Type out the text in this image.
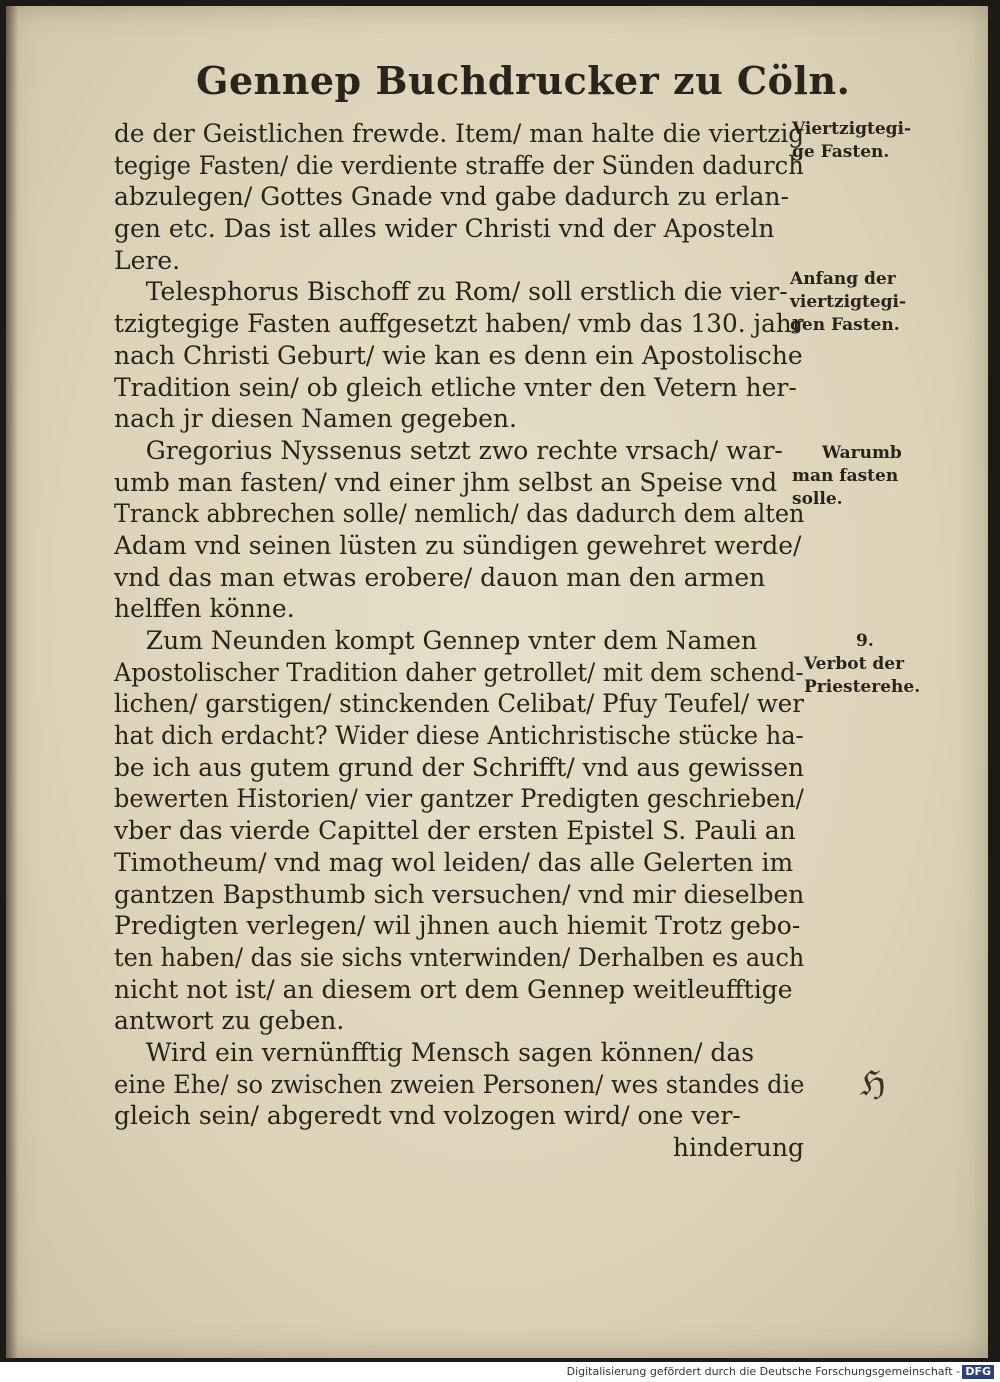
Gennep Buchdrucker zu Cöln.
de der Geistlichen frewde. Item/ man halte die viertzig
tegige Fasten/ die verdiente straffe der Sünden dadurch
abzulegen/ Gottes Gnade vnd gabe dadurch zu erlan-
gen etc. Das ist alles wider Christi vnd der Aposteln
Lere.
Telesphorus Bischoff zu Rom/ soll erstlich die vier-
tzigtegige Fasten auffgesetzt haben/ vmb das 130. jahr
nach Christi Geburt/ wie kan es denn ein Apostolische
Tradition sein/ ob gleich etliche vnter den Vetern her-
nach jr diesen Namen gegeben.
Gregorius Nyssenus setzt zwo rechte vrsach/ war-
umb man fasten/ vnd einer jhm selbst an Speise vnd
Tranck abbrechen solle/ nemlich/ das dadurch dem alten
Adam vnd seinen lüsten zu sündigen gewehret werde/
vnd das man etwas erobere/ dauon man den armen
helffen könne.
Zum Neunden kompt Gennep vnter dem Namen
Apostolischer Tradition daher getrollet/ mit dem schend-
lichen/ garstigen/ stinckenden Celibat/ Pfuy Teufel/ wer
hat dich erdacht? Wider diese Antichristische stücke ha-
be ich aus gutem grund der Schrifft/ vnd aus gewissen
bewerten Historien/ vier gantzer Predigten geschrieben/
vber das vierde Capittel der ersten Epistel S. Pauli an
Timotheum/ vnd mag wol leiden/ das alle Gelerten im
gantzen Bapsthumb sich versuchen/ vnd mir dieselben
Predigten verlegen/ wil jhnen auch hiemit Trotz gebo-
ten haben/ das sie sichs vnterwinden/ Derhalben es auch
nicht not ist/ an diesem ort dem Gennep weitleufftige
antwort zu geben.
Wird ein vernünfftig Mensch sagen können/ das
eine Ehe/ so zwischen zweien Personen/ wes standes die
gleich sein/ abgeredt vnd volzogen wird/ one ver-
hinderung
Viertzigtegi-
ge Fasten.
Anfang der
viertzigtegi-
gen Fasten.
Warumb
man fasten
solle.
9.
Verbot der
Priesterehe.
ℌ
Digitalisierung gefördert durch die Deutsche Forschungsgemeinschaft - DFG
